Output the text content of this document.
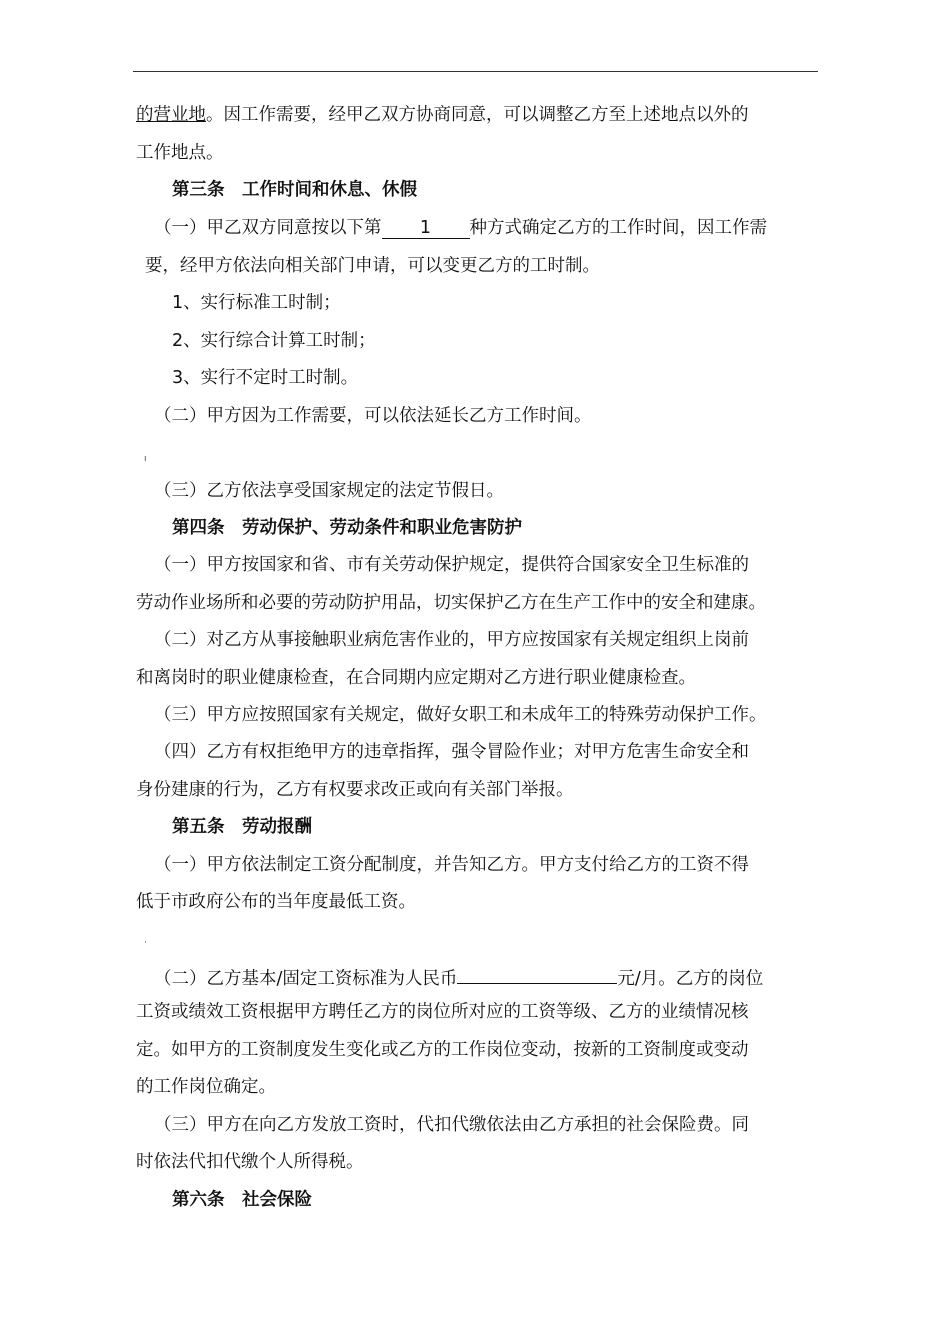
的营业地。因工作需要，经甲乙双方协商同意，可以调整乙方至上述地点以外的
工作地点。
第三条　工作时间和休息、休假
（一）甲乙双方同意按以下第 1 种方式确定乙方的工作时间，因工作需
要，经甲方依法向相关部门申请，可以变更乙方的工时制。
1、实行标准工时制；
2、实行综合计算工时制；
3、实行不定时工时制。
（二）甲方因为工作需要，可以依法延长乙方工作时间。
ı
（三）乙方依法享受国家规定的法定节假日。
第四条　劳动保护、劳动条件和职业危害防护
（一）甲方按国家和省、市有关劳动保护规定，提供符合国家安全卫生标准的
劳动作业场所和必要的劳动防护用品，切实保护乙方在生产工作中的安全和建康。
（二）对乙方从事接触职业病危害作业的，甲方应按国家有关规定组织上岗前
和离岗时的职业健康检查，在合同期内应定期对乙方进行职业健康检查。
（三）甲方应按照国家有关规定，做好女职工和未成年工的特殊劳动保护工作。
（四）乙方有权拒绝甲方的违章指挥，强令冒险作业；对甲方危害生命安全和
身份建康的行为，乙方有权要求改正或向有关部门举报。
第五条　劳动报酬
（一）甲方依法制定工资分配制度，并告知乙方。甲方支付给乙方的工资不得
低于市政府公布的当年度最低工资。
·
（二）乙方基本/固定工资标准为人民币	元/月。乙方的岗位
工资或绩效工资根据甲方聘任乙方的岗位所对应的工资等级、乙方的业绩情况核
定。如甲方的工资制度发生变化或乙方的工作岗位变动，按新的工资制度或变动
的工作岗位确定。
（三）甲方在向乙方发放工资时，代扣代缴依法由乙方承担的社会保险费。同
时依法代扣代缴个人所得税。
第六条　社会保险
